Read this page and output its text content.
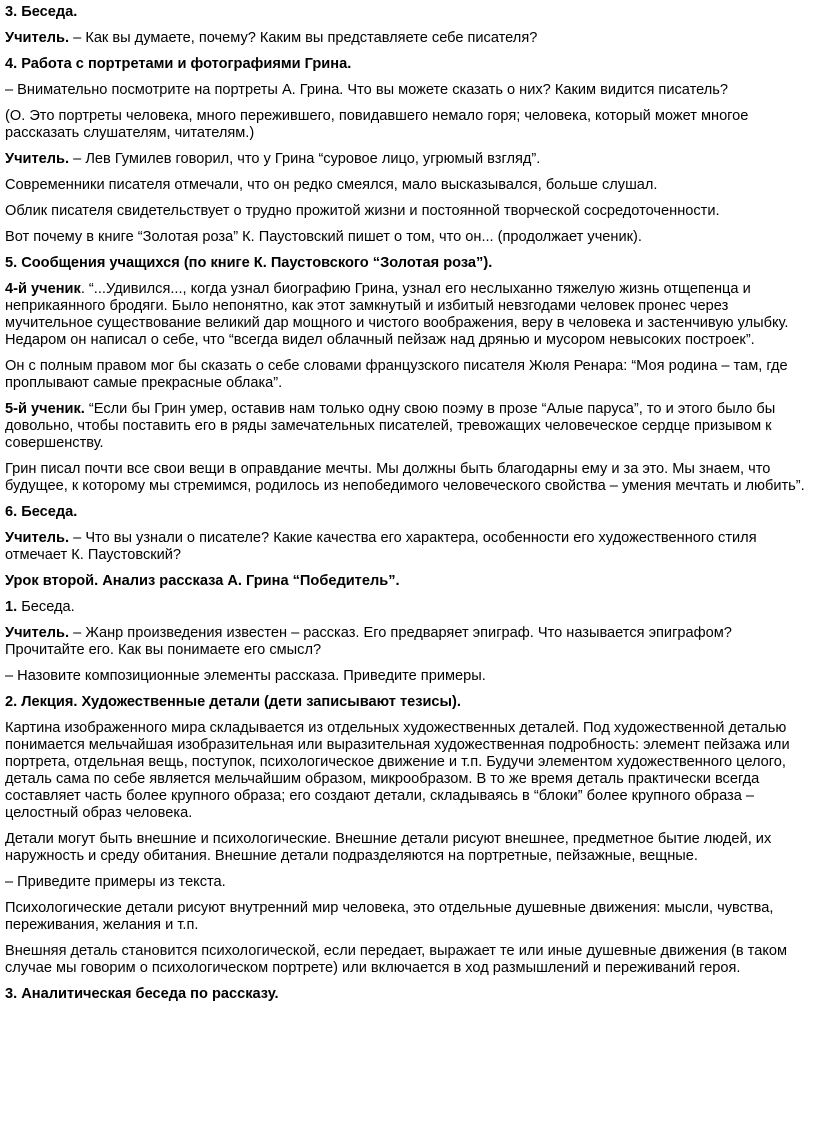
3. Беседа.

Учитель. – Как вы думаете, почему? Каким вы представляете себе писателя?

4. Работа с портретами и фотографиями Грина.

– Внимательно посмотрите на портреты А. Грина. Что вы можете сказать о них? Каким видится писатель?

(О. Это портреты человека, много пережившего, повидавшего немало горя; человека, который может многое рассказать слушателям, читателям.)

Учитель. – Лев Гумилев говорил, что у Грина “суровое лицо, угрюмый взгляд”.

Современники писателя отмечали, что он редко смеялся, мало высказывался, больше слушал.

Облик писателя свидетельствует о трудно прожитой жизни и постоянной творческой сосредоточенности.

Вот почему в книге “Золотая роза” К. Паустовский пишет о том, что он... (продолжает ученик).

5. Сообщения учащихся (по книге К. Паустовского “Золотая роза”).

4-й ученик. “...Удивился..., когда узнал биографию Грина, узнал его неслыханно тяжелую жизнь отщепенца и неприкаянного бродяги. Было непонятно, как этот замкнутый и избитый невзгодами человек пронес через мучительное существование великий дар мощного и чистого воображения, веру в человека и застенчивую улыбку.

Недаром он написал о себе, что “всегда видел облачный пейзаж над дрянью и мусором невысоких построек”.

Он с полным правом мог бы сказать о себе словами французского писателя Жюля Ренара: “Моя родина – там, где проплывают самые прекрасные облака”.

5-й ученик. “Если бы Грин умер, оставив нам только одну свою поэму в прозе “Алые паруса”, то и этого было бы довольно, чтобы поставить его в ряды замечательных писателей, тревожащих человеческое сердце призывом к совершенству.

Грин писал почти все свои вещи в оправдание мечты. Мы должны быть благодарны ему и за это. Мы знаем, что будущее, к которому мы стремимся, родилось из непобедимого человеческого свойства – умения мечтать и любить”.

6. Беседа.

Учитель. – Что вы узнали о писателе? Какие качества его характера, особенности его художественного стиля отмечает К. Паустовский?

Урок второй. Анализ рассказа А. Грина “Победитель”.

1. Беседа.

Учитель. – Жанр произведения известен – рассказ. Его предваряет эпиграф. Что называется эпиграфом? Прочитайте его. Как вы понимаете его смысл?

– Назовите композиционные элементы рассказа. Приведите примеры.

2. Лекция. Художественные детали (дети записывают тезисы).

Картина изображенного мира складывается из отдельных художественных деталей. Под художественной деталью понимается мельчайшая изобразительная или выразительная художественная подробность: элемент пейзажа или портрета, отдельная вещь, поступок, психологическое движение и т.п. Будучи элементом художественного целого, деталь сама по себе является мельчайшим образом, микрообразом. В то же время деталь практически всегда составляет часть более крупного образа; его создают детали, складываясь в “блоки” более крупного образа – целостный образ человека.

Детали могут быть внешние и психологические. Внешние детали рисуют внешнее, предметное бытие людей, их наружность и среду обитания. Внешние детали подразделяются на портретные, пейзажные, вещные.

– Приведите примеры из текста.

Психологические детали рисуют внутренний мир человека, это отдельные душевные движения: мысли, чувства, переживания, желания и т.п.

Внешняя деталь становится психологической, если передает, выражает те или иные душевные движения (в таком случае мы говорим о психологическом портрете) или включается в ход размышлений и переживаний героя.

3. Аналитическая беседа по рассказу.
